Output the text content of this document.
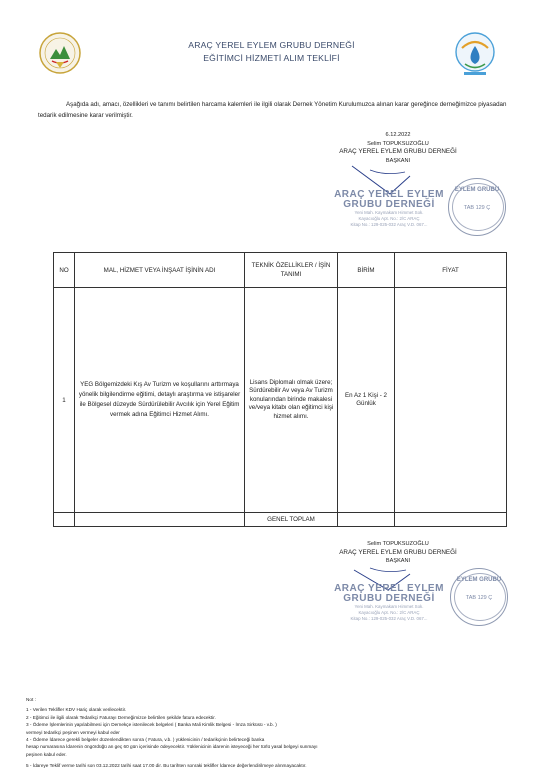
ARAÇ YEREL EYLEM GRUBU DERNEĞİ
EĞİTİMCİ HİZMETİ ALIM TEKLİFİ
Aşağıda adı, amacı, özellikleri ve tanımı belirtilen harcama kalemleri ile ilgili olarak Dernek Yönetim Kurulumuzca alınan karar gereğince derneğimizce piyasadan tedarik edilmesine karar verilmiştir.
6.12.2022
Selim TOPUKSUZOĞLU
ARAÇ YEREL EYLEM GRUBU DERNEĞİ
BAŞKANI
ARAÇ YEREL EYLEM
GRUBU DERNEĞİ
Yeni Mah. Kaymakam Himmet Sok.
Kayacıoğlu Apt. No.: 2/C ARAÇ
Kitap No.: 129-025-032 Araç V.D. 067...
EYLEM GRUBU
TAB 129 Ç
NO	MAL, HİZMET VEYA İNŞAAT İŞİNİN ADI	TEKNİK ÖZELLİKLER / İŞİN TANIMI	BİRİM	FİYAT
1	YEG Bölgemizdeki Kış Av Turizm ve koşullarını arttırmaya yönelik bilgilendirme eğitimi, detaylı araştırma ve istişareler ile Bölgesel düzeyde Sürdürülebilir Avcılık için Yerel Eğitim vermek adına Eğitimci Hizmet Alımı.	Lisans Diplomalı olmak üzere; Sürdürebilir Av veya Av Turizm konularından birinde makalesi ve/veya kitabı olan eğitimci kişi hizmet alımı.	En Az 1 Kişi - 2 Günlük	
		GENEL TOPLAM		
Selim TOPUKSUZOĞLU
ARAÇ YEREL EYLEM GRUBU DERNEĞİ
BAŞKANI
ARAÇ YEREL EYLEM
GRUBU DERNEĞİ
Yeni Mah. Kaymakam Himmet Sok.
Kayacıoğlu Apt. No.: 2/C ARAÇ
Kitap No.: 129-025-032 Araç V.D. 067...
EYLEM GRUBU
TAB 129 Ç
Not :
1 - Verilen Teklifler KDV Hariç olarak verilecektir.
2 - Eğitimci ile ilgili olarak Tedarikçi Faturayı Derneğimizce belirtilen şekilde fatura edecektir.
3 - Ödeme İşlemlerinin yapılabilmesi için Dernekçe istenilecek belgeleri ( Banka Mali Kimlik Belgesi - İmza Sirküsü - v.b. )
vermeyi tedarikçi peşinen vermeyi kabul eder
4 - Ödeme İdarece gerekli belgeler düzenlendikten sonra ( Fatura, v.b. ) yüklenicinin / tedarikçinin belirteceği banka
hesap numarasına İdarenin öngördüğü an geç 60 gün içerisinde ödeyecektir. Yüklenicinin idarenin isteyeceği her türlü yasal belgeyi sunmayı
peşinen kabul eder.
5 - İdareye Teklif verme tarihi son 03.12.2022 tarihi saat 17.00 dir. Bu tarihten sonraki teklifler İdarece değerlendirilmeye alınmayacaktır.
